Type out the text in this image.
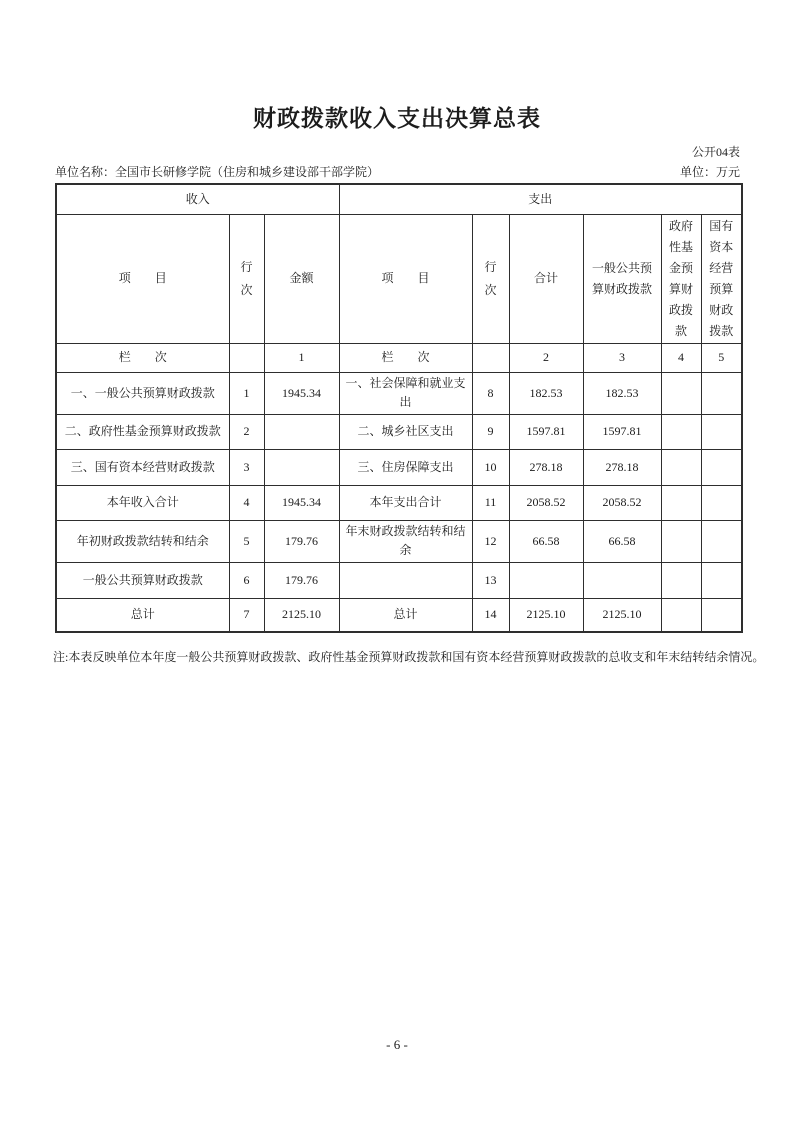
财政拨款收入支出决算总表
公开04表
单位名称：全国市长研修学院（住房和城乡建设部干部学院）	单位：万元
收入			支出					
项　　目	行次	金额	项　　目	行次	合计	一般公共预算财政拨款	政府性基金预算财政拨款	国有资本经营预算财政拨款
栏　　次		1	栏　　次		2	3	4	5
一、一般公共预算财政拨款	1	1945.34	一、社会保障和就业支出	8	182.53	182.53		
二、政府性基金预算财政拨款	2		二、城乡社区支出	9	1597.81	1597.81		
三、国有资本经营财政拨款	3		三、住房保障支出	10	278.18	278.18		
本年收入合计	4	1945.34	本年支出合计	11	2058.52	2058.52		
年初财政拨款结转和结余	5	179.76	年末财政拨款结转和结余	12	66.58	66.58		
一般公共预算财政拨款	6	179.76		13				
总计	7	2125.10	总计	14	2125.10	2125.10		

注:本表反映单位本年度一般公共预算财政拨款、政府性基金预算财政拨款和国有资本经营预算财政拨款的总收支和年末结转结余情况。

- 6 -
